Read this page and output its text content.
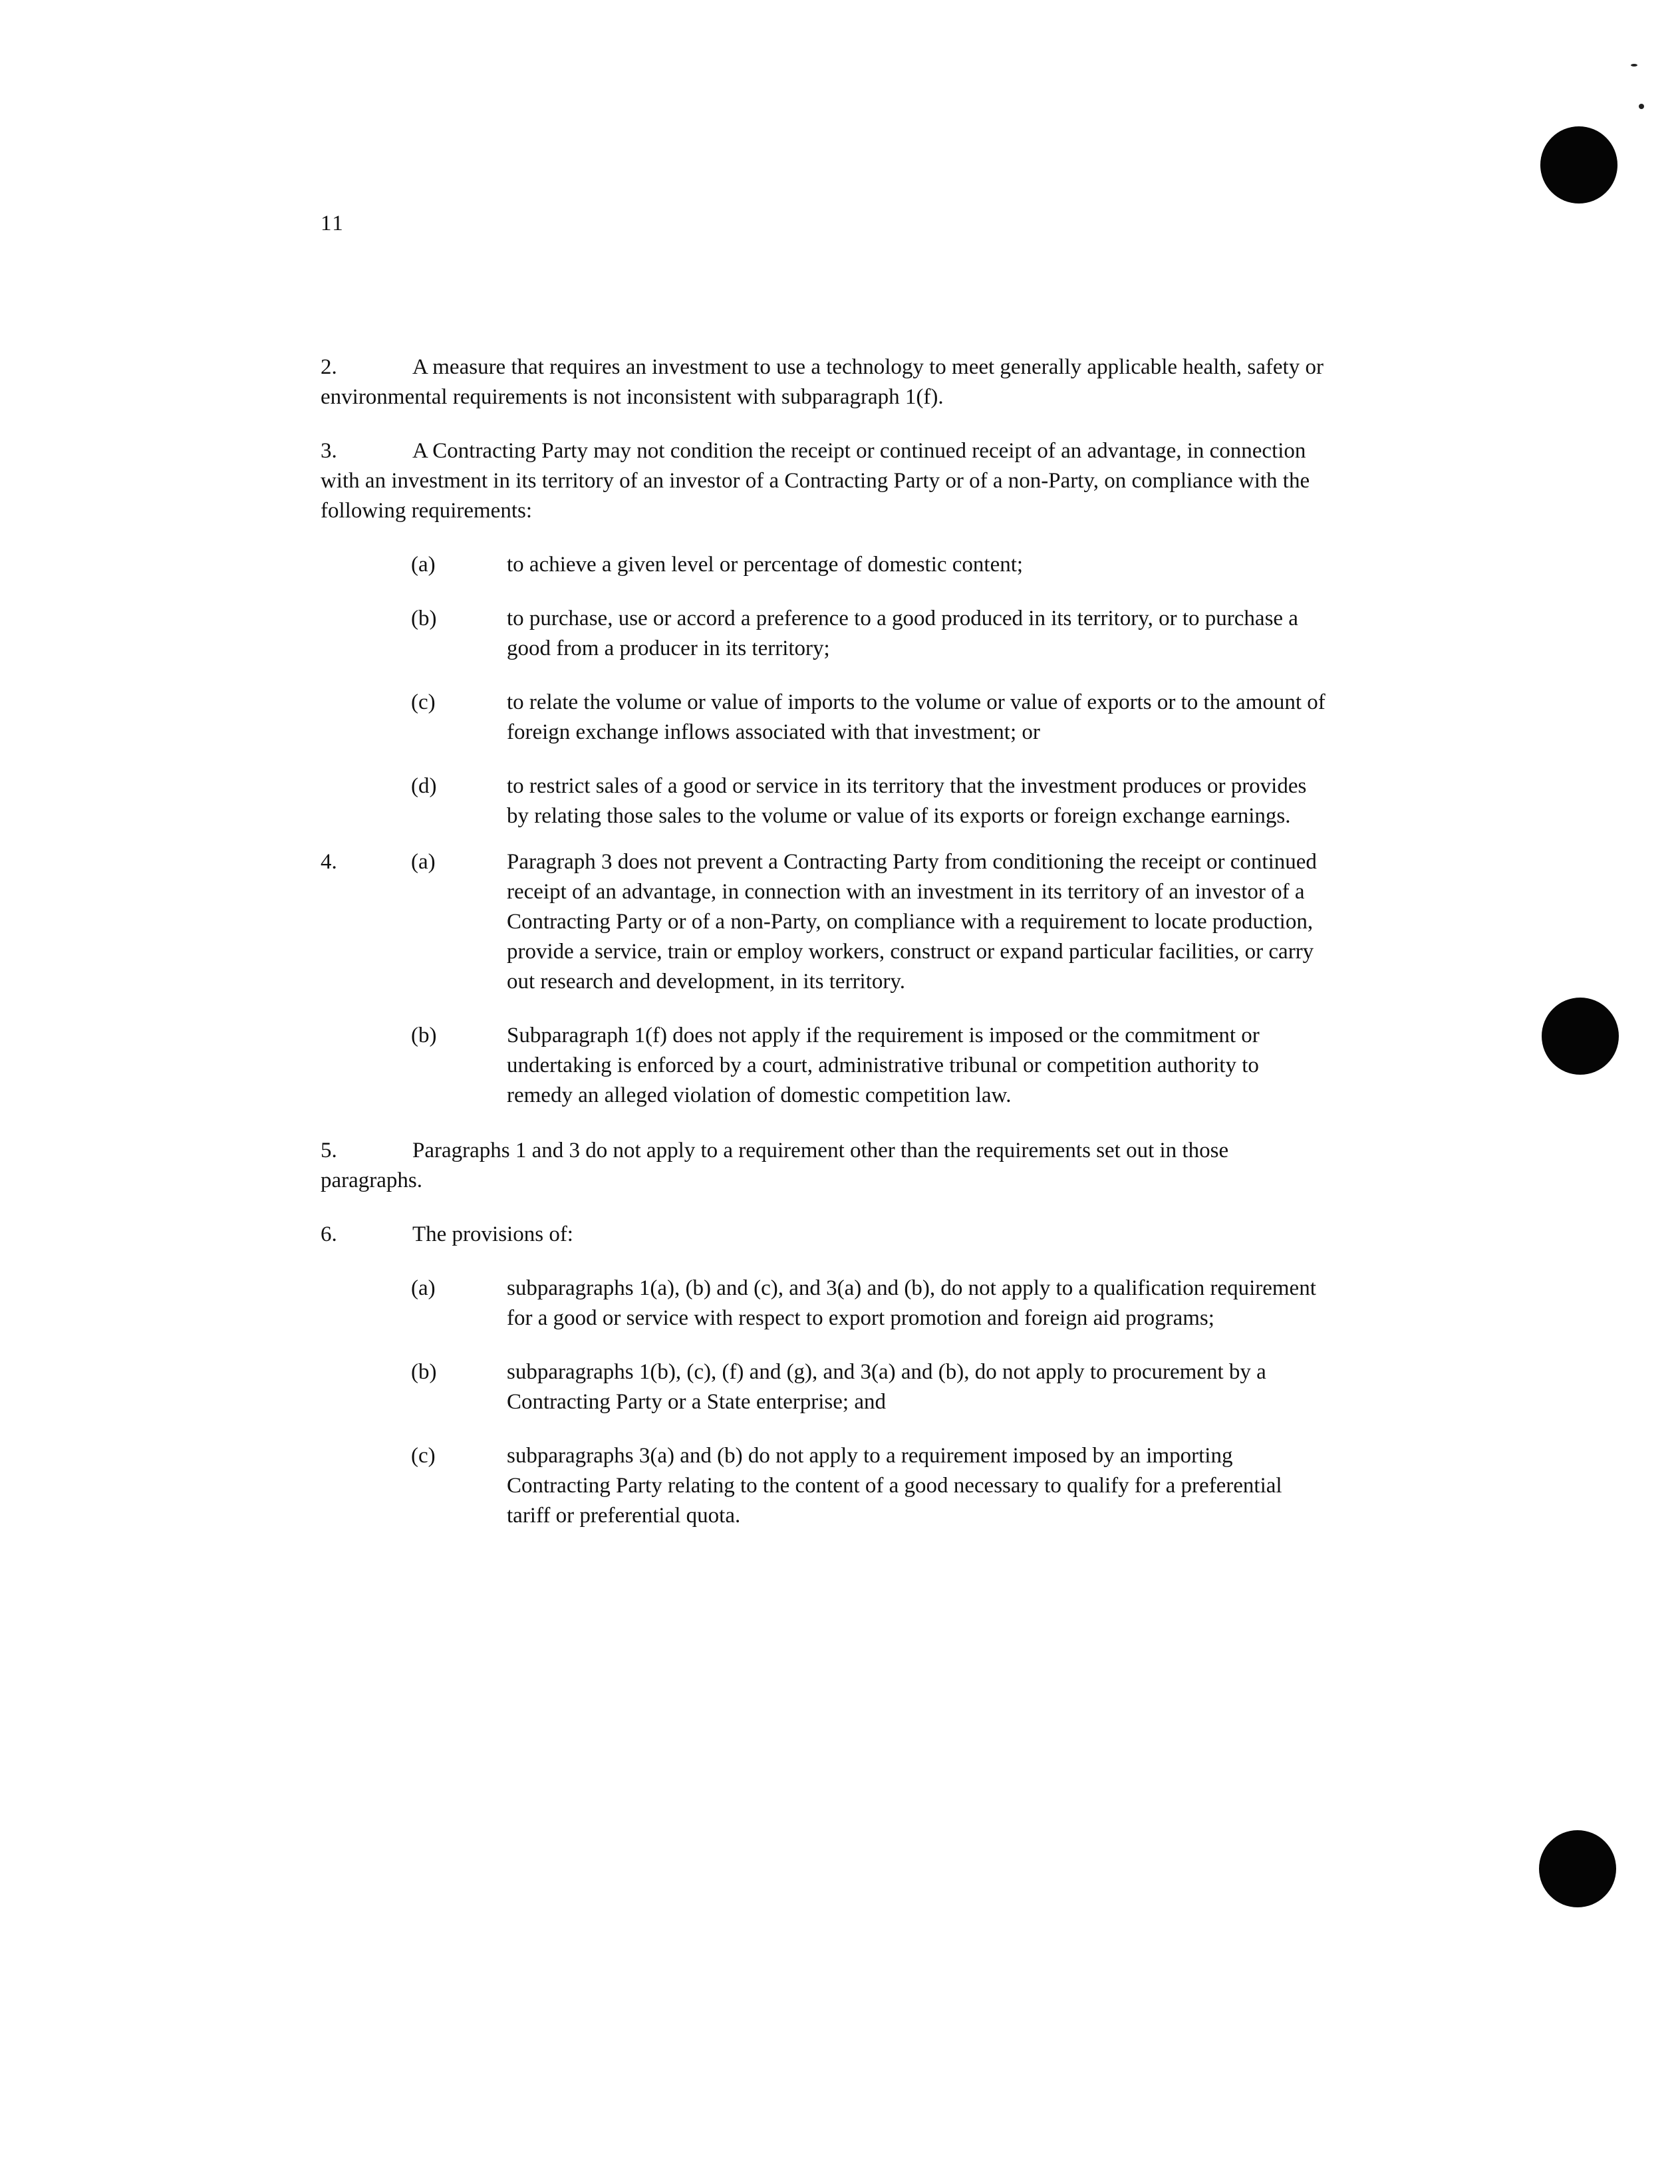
11

2.	A measure that requires an investment to use a technology to meet generally applicable health, safety or environmental requirements is not inconsistent with subparagraph 1(f).

3.	A Contracting Party may not condition the receipt or continued receipt of an advantage, in connection with an investment in its territory of an investor of a Contracting Party or of a non-Party, on compliance with the following requirements:

(a)	to achieve a given level or percentage of domestic content;
(b)	to purchase, use or accord a preference to a good produced in its territory, or to purchase a good from a producer in its territory;
(c)	to relate the volume or value of imports to the volume or value of exports or to the amount of foreign exchange inflows associated with that investment; or
(d)	to restrict sales of a good or service in its territory that the investment produces or provides by relating those sales to the volume or value of its exports or foreign exchange earnings.
4.	(a)	Paragraph 3 does not prevent a Contracting Party from conditioning the receipt or continued receipt of an advantage, in connection with an investment in its territory of an investor of a Contracting Party or of a non-Party, on compliance with a requirement to locate production, provide a service, train or employ workers, construct or expand particular facilities, or carry out research and development, in its territory.
(b)	Subparagraph 1(f) does not apply if the requirement is imposed or the commitment or undertaking is enforced by a court, administrative tribunal or competition authority to remedy an alleged violation of domestic competition law.

5.	Paragraphs 1 and 3 do not apply to a requirement other than the requirements set out in those paragraphs.

6.	The provisions of:

(a)	subparagraphs 1(a), (b) and (c), and 3(a) and (b), do not apply to a qualification requirement for a good or service with respect to export promotion and foreign aid programs;
(b)	subparagraphs 1(b), (c), (f) and (g), and 3(a) and (b), do not apply to procurement by a Contracting Party or a State enterprise; and
(c)	subparagraphs 3(a) and (b) do not apply to a requirement imposed by an importing Contracting Party relating to the content of a good necessary to qualify for a preferential tariff or preferential quota.
